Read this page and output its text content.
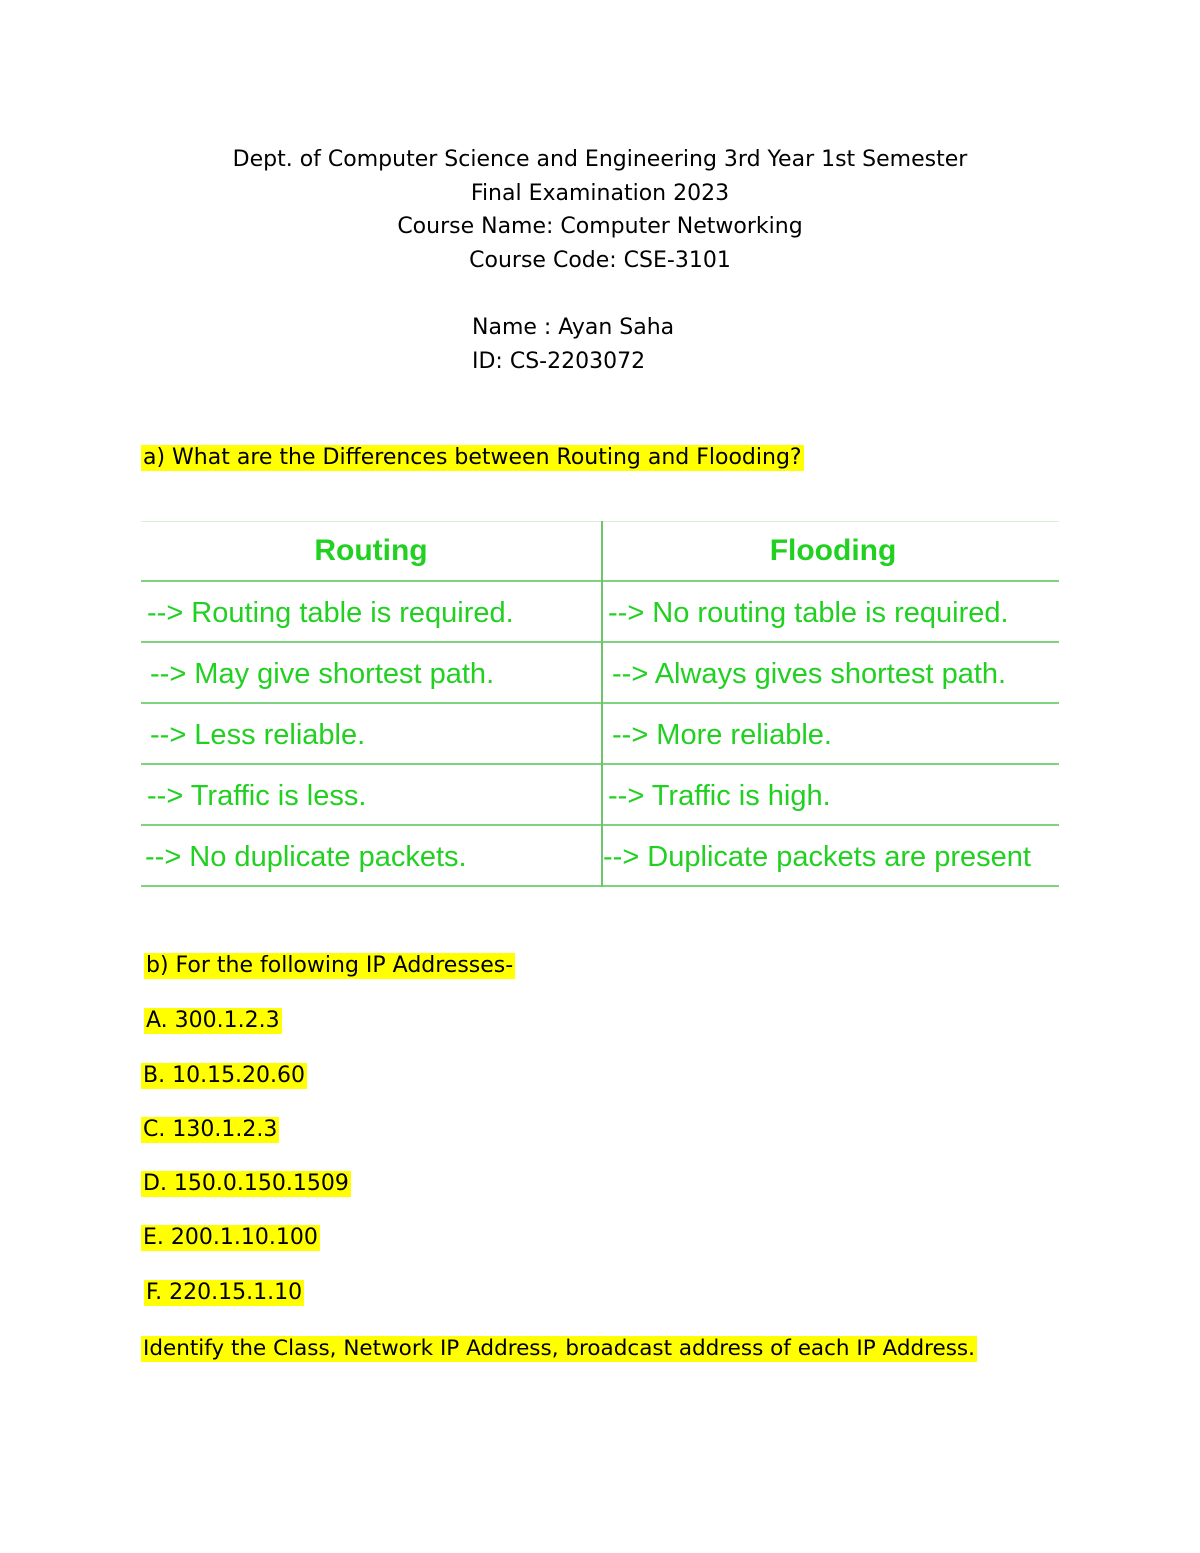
Dept. of Computer Science and Engineering 3rd Year 1st Semester
Final Examination 2023
Course Name: Computer Networking
Course Code: CSE-3101
Name : Ayan Saha
ID: CS-2203072
a) What are the Differences between Routing and Flooding?
Routing	Flooding
--> Routing table is required.	--> No routing table is required.
--> May give shortest path.	--> Always gives shortest path.
--> Less reliable.	--> More reliable.
--> Traffic is less.	--> Traffic is high.
--> No duplicate packets.	--> Duplicate packets are present
b) For the following IP Addresses-
A. 300.1.2.3
B. 10.15.20.60
C. 130.1.2.3
D. 150.0.150.1509
E. 200.1.10.100
F. 220.15.1.10
Identify the Class, Network IP Address, broadcast address of each IP Address.
